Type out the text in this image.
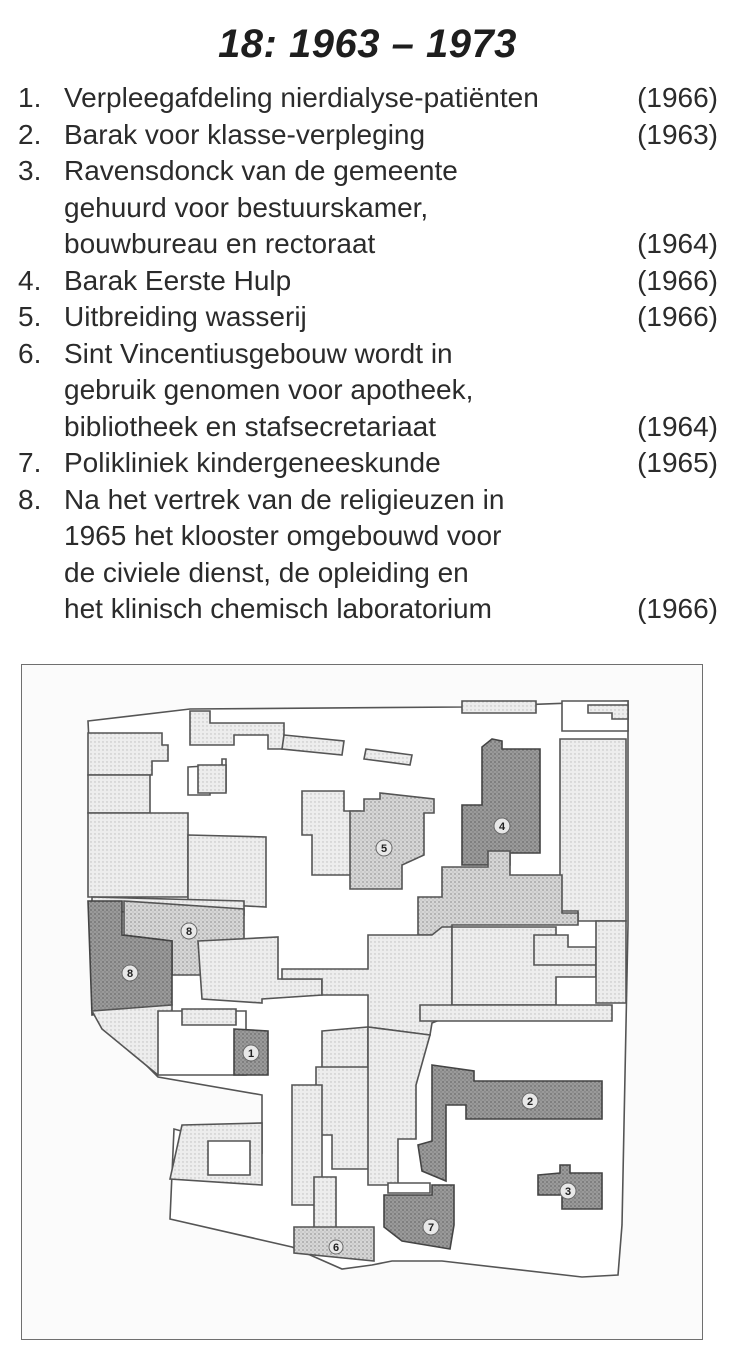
18: 1963 – 1973
1. Verpleegafdeling nierdialyse-patiënten	(1966)
2. Barak voor klasse-verpleging	(1963)
3. Ravensdonck van de gemeente
gehuurd voor bestuurskamer,
bouwbureau en rectoraat	(1964)
4. Barak Eerste Hulp	(1966)
5. Uitbreiding wasserij	(1966)
6. Sint Vincentiusgebouw wordt in
gebruik genomen voor apotheek,
bibliotheek en stafsecretariaat	(1964)
7. Polikliniek kindergeneeskunde	(1965)
8. Na het vertrek van de religieuzen in
1965 het klooster omgebouwd voor
de civiele dienst, de opleiding en
het klinisch chemisch laboratorium	(1966)
1
2
3
4
5
6
7
8
8
